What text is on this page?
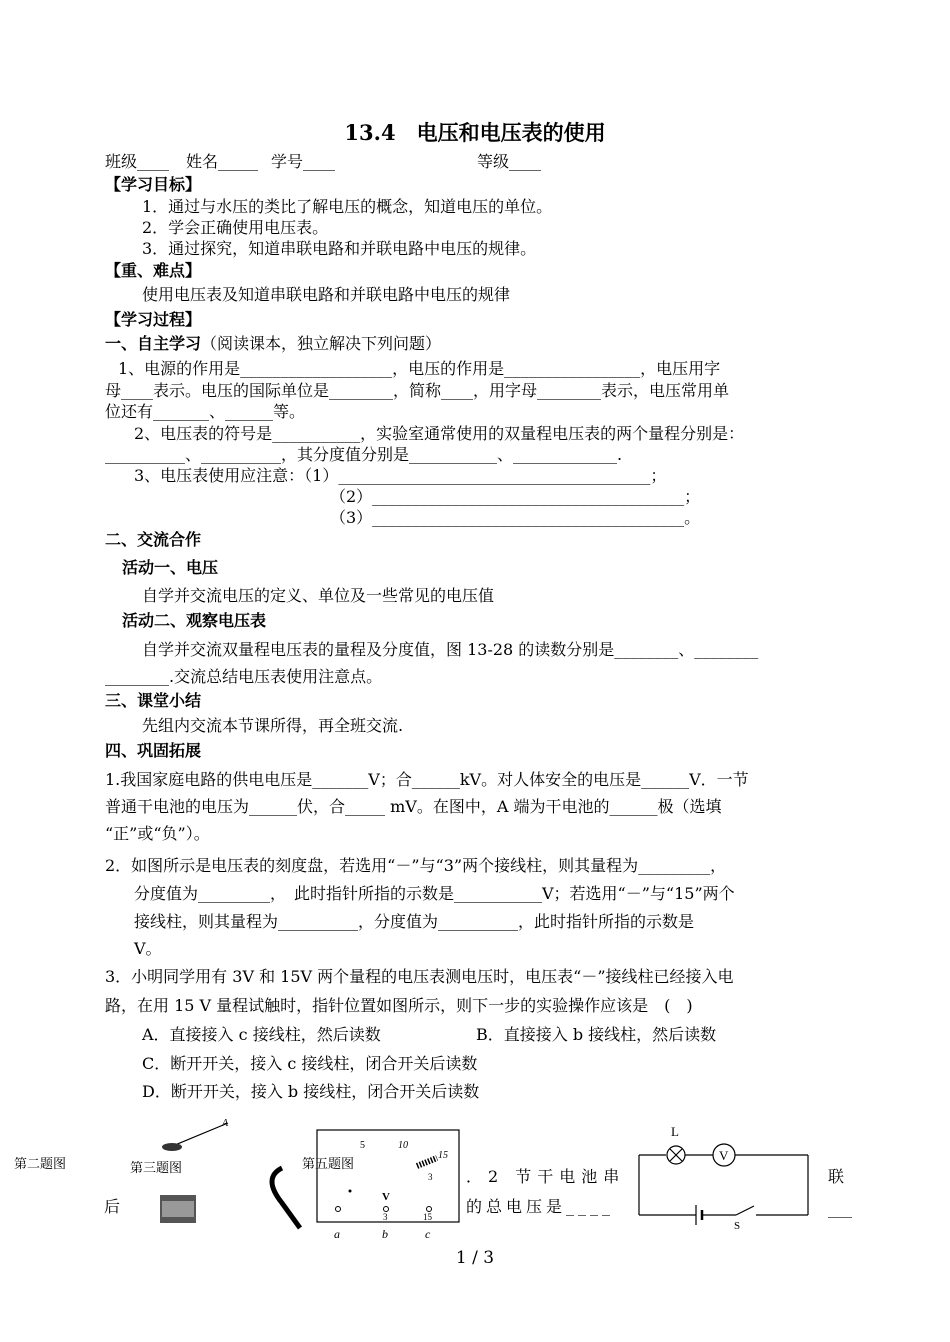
13.4　电压和电压表的使用
班级____ 姓名_____ 学号____	等级____
【学习目标】
1．通过与水压的类比了解电压的概念，知道电压的单位。
2．学会正确使用电压表。
3．通过探究，知道串联电路和并联电路中电压的规律。
【重、难点】
使用电压表及知道串联电路和并联电路中电压的规律
【学习过程】
一、自主学习（阅读课本，独立解决下列问题）
1、电源的作用是___________________，电压的作用是_________________，电压用字
母____表示。电压的国际单位是________，简称____，用字母________表示，电压常用单
位还有_______、______等。
2、电压表的符号是___________，实验室通常使用的双量程电压表的两个量程分别是：
__________、__________，其分度值分别是___________、_____________.
3、电压表使用应注意：（1）_______________________________________；
（2）_______________________________________；
（3）_______________________________________。
二、交流合作
活动一、电压
自学并交流电压的定义、单位及一些常见的电压值
活动二、观察电压表
自学并交流双量程电压表的量程及分度值，图 13-28 的读数分别是________、________
________.交流总结电压表使用注意点。
三、课堂小结
先组内交流本节课所得，再全班交流.
四、巩固拓展
1.我国家庭电路的供电电压是_______V；合______kV。对人体安全的电压是______V．一节
普通干电池的电压为______伏，合_____ mV。在图中，A 端为干电池的______极（选填
“正”或“负”）。
2．如图所示是电压表的刻度盘，若选用“－”与“3”两个接线柱，则其量程为_________，
分度值为_________，　此时指针所指的示数是___________V；若选用“－”与“15”两个
接线柱，则其量程为__________，分度值为__________，此时指针所指的示数是
V。
3．小明同学用有 3V 和 15V 两个量程的电压表测电压时，电压表“－”接线柱已经接入电
路，在用 15 V 量程试触时，指针位置如图所示，则下一步的实验操作应该是　(　)
A．直接接入 c 接线柱，然后读数	B．直接接入 b 接线柱，然后读数
C．断开开关，接入 c 接线柱，闭合开关后读数
D．断开开关，接入 b 接线柱，闭合开关后读数
第二题图	第三题图
后
A
5	10
15
3
V
3	15
a	b	c
第五题图
．2 节干电池串
的总电压是____
V
L
S
联
___
1 / 3
